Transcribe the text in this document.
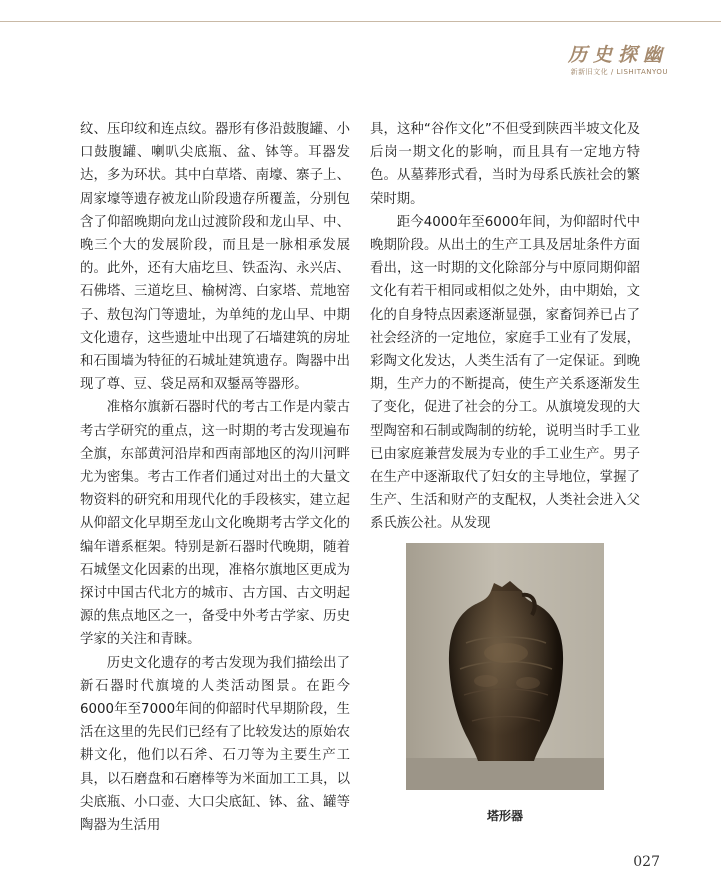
历史探幽
新新旧文化 / LISHITANYOU

纹、压印纹和连点纹。器形有侈沿鼓腹罐、小口鼓腹罐、喇叭尖底瓶、盆、钵等。耳器发达，多为环状。其中白草塔、南壕、寨子上、周家壕等遗存被龙山阶段遗存所覆盖，分别包含了仰韶晚期向龙山过渡阶段和龙山早、中、晚三个大的发展阶段，而且是一脉相承发展的。此外，还有大庙圪旦、铁盃沟、永兴店、石佛塔、三道圪旦、榆树湾、白家塔、荒地窑子、敖包沟门等遗址，为单纯的龙山早、中期文化遗存，这些遗址中出现了石墙建筑的房址和石围墙为特征的石城址建筑遗存。陶器中出现了尊、豆、袋足鬲和双鋬鬲等器形。

准格尔旗新石器时代的考古工作是内蒙古考古学研究的重点，这一时期的考古发现遍布全旗，东部黄河沿岸和西南部地区的沟川河畔尤为密集。考古工作者们通过对出土的大量文物资料的研究和用现代化的手段核实，建立起从仰韶文化早期至龙山文化晚期考古学文化的编年谱系框架。特别是新石器时代晚期，随着石城堡文化因素的出现，准格尔旗地区更成为探讨中国古代北方的城市、古方国、古文明起源的焦点地区之一，备受中外考古学家、历史学家的关注和青睐。

历史文化遗存的考古发现为我们描绘出了新石器时代旗境的人类活动图景。在距今6000年至7000年间的仰韶时代早期阶段，生活在这里的先民们已经有了比较发达的原始农耕文化，他们以石斧、石刀等为主要生产工具，以石磨盘和石磨棒等为米面加工工具，以尖底瓶、小口壶、大口尖底缸、钵、盆、罐等陶器为生活用

具，这种“谷作文化”不但受到陕西半坡文化及后岗一期文化的影响，而且具有一定地方特色。从墓葬形式看，当时为母系氏族社会的繁荣时期。

距今4000年至6000年间，为仰韶时代中晚期阶段。从出土的生产工具及居址条件方面看出，这一时期的文化除部分与中原同期仰韶文化有若干相同或相似之处外，由中期始，文化的自身特点因素逐渐显强，家畜饲养已占了社会经济的一定地位，家庭手工业有了发展，彩陶文化发达，人类生活有了一定保证。到晚期，生产力的不断提高，使生产关系逐渐发生了变化，促进了社会的分工。从旗境发现的大型陶窑和石制或陶制的纺轮，说明当时手工业已由家庭兼营发展为专业的手工业生产。男子在生产中逐渐取代了妇女的主导地位，掌握了生产、生活和财产的支配权，人类社会进入父系氏族公社。从发现

塔形器
027
